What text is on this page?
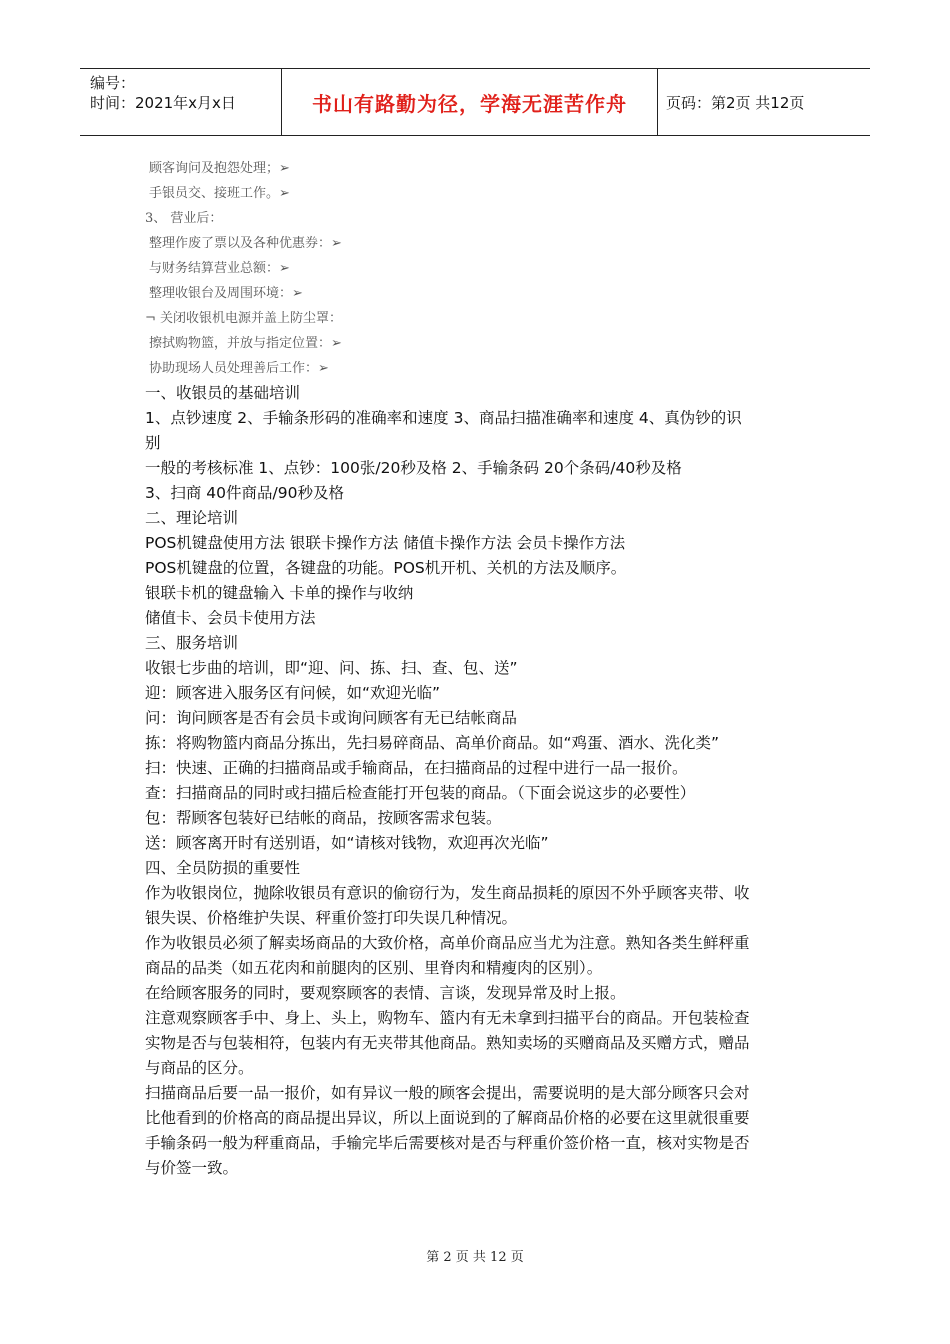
编号：
时间：2021年x月x日	书山有路勤为径，学海无涯苦作舟	页码：第2页 共12页
顾客询问及抱怨处理；➢
手银员交、接班工作。➢
3、 营业后：
整理作废了票以及各种优惠券：➢
与财务结算营业总额：➢
整理收银台及周围环境：➢
¬ 关闭收银机电源并盖上防尘罩：
擦拭购物篮，并放与指定位置：➢
协助现场人员处理善后工作：➢

一、收银员的基础培训

1、点钞速度 2、手输条形码的准确率和速度 3、商品扫描准确率和速度 4、真伪钞的识

别

一般的考核标准 1、点钞：100张/20秒及格 2、手输条码 20个条码/40秒及格

3、扫商 40件商品/90秒及格

二、理论培训

POS机键盘使用方法 银联卡操作方法 储值卡操作方法 会员卡操作方法

POS机键盘的位置，各键盘的功能。POS机开机、关机的方法及顺序。

银联卡机的键盘输入 卡单的操作与收纳

储值卡、会员卡使用方法

三、服务培训

收银七步曲的培训，即“迎、问、拣、扫、查、包、送”

迎：顾客进入服务区有问候，如“欢迎光临”

问：询问顾客是否有会员卡或询问顾客有无已结帐商品

拣：将购物篮内商品分拣出，先扫易碎商品、高单价商品。如“鸡蛋、酒水、洗化类”

扫：快速、正确的扫描商品或手输商品，在扫描商品的过程中进行一品一报价。

查：扫描商品的同时或扫描后检查能打开包装的商品。（下面会说这步的必要性）

包：帮顾客包装好已结帐的商品，按顾客需求包装。

送：顾客离开时有送别语，如“请核对钱物，欢迎再次光临”

四、全员防损的重要性

作为收银岗位，抛除收银员有意识的偷窃行为，发生商品损耗的原因不外乎顾客夹带、收

银失误、价格维护失误、秤重价签打印失误几种情况。

作为收银员必须了解卖场商品的大致价格，高单价商品应当尤为注意。熟知各类生鲜秤重

商品的品类（如五花肉和前腿肉的区别、里脊肉和精瘦肉的区别）。

在给顾客服务的同时，要观察顾客的表情、言谈，发现异常及时上报。

注意观察顾客手中、身上、头上，购物车、篮内有无未拿到扫描平台的商品。开包装检查

实物是否与包装相符，包装内有无夹带其他商品。熟知卖场的买赠商品及买赠方式，赠品

与商品的区分。

扫描商品后要一品一报价，如有异议一般的顾客会提出，需要说明的是大部分顾客只会对

比他看到的价格高的商品提出异议，所以上面说到的了解商品价格的必要在这里就很重要

手输条码一般为秤重商品，手输完毕后需要核对是否与秤重价签价格一直，核对实物是否

与价签一致。

第 2 页 共 12 页
